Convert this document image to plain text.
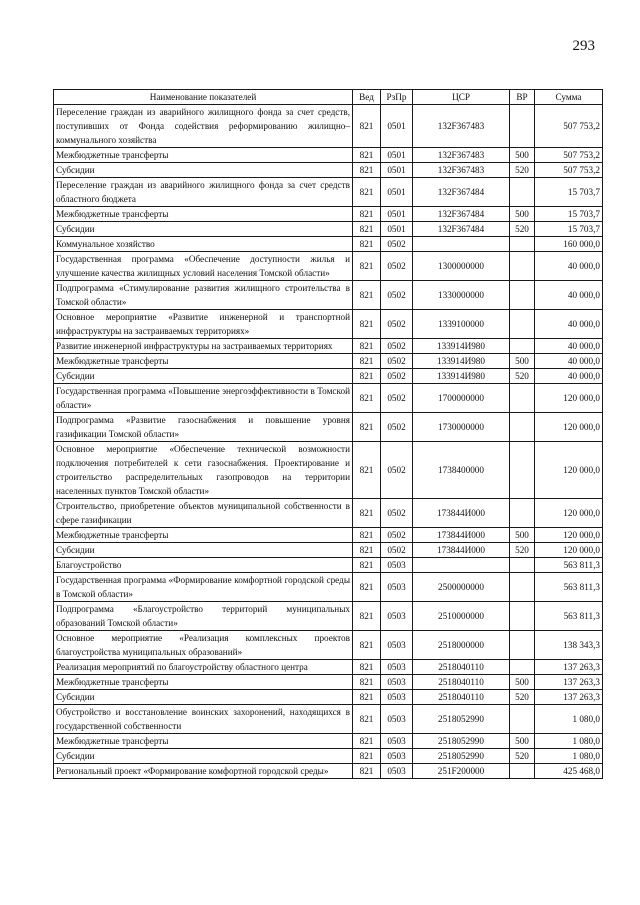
293
Наименование показателей	Вед	РзПр	ЦСР	ВР	Сумма
Переселение граждан из аварийного жилищного фонда за счет средств, поступивших от Фонда содействия реформированию жилищно–коммунального хозяйства	821	0501	132F367483		507 753,2
Межбюджетные трансферты	821	0501	132F367483	500	507 753,2
Субсидии	821	0501	132F367483	520	507 753,2
Переселение граждан из аварийного жилищного фонда за счет средств областного бюджета	821	0501	132F367484		15 703,7
Межбюджетные трансферты	821	0501	132F367484	500	15 703,7
Субсидии	821	0501	132F367484	520	15 703,7
Коммунальное хозяйство	821	0502			160 000,0
Государственная программа «Обеспечение доступности жилья и улучшение качества жилищных условий населения Томской области»	821	0502	1300000000		40 000,0
Подпрограмма «Стимулирование развития жилищного строительства в Томской области»	821	0502	1330000000		40 000,0
Основное мероприятие «Развитие инженерной и транспортной инфраструктуры на застраиваемых территориях»	821	0502	1339100000		40 000,0
Развитие инженерной инфраструктуры на застраиваемых территориях	821	0502	133914И980		40 000,0
Межбюджетные трансферты	821	0502	133914И980	500	40 000,0
Субсидии	821	0502	133914И980	520	40 000,0
Государственная программа «Повышение энергоэффективности в Томской области»	821	0502	1700000000		120 000,0
Подпрограмма «Развитие газоснабжения и повышение уровня газификации Томской области»	821	0502	1730000000		120 000,0
Основное мероприятие «Обеспечение технической возможности подключения потребителей к сети газоснабжения. Проектирование и строительство распределительных газопроводов на территории населенных пунктов Томской области»	821	0502	1738400000		120 000,0
Строительство, приобретение объектов муниципальной собственности в сфере газификации	821	0502	173844И000		120 000,0
Межбюджетные трансферты	821	0502	173844И000	500	120 000,0
Субсидии	821	0502	173844И000	520	120 000,0
Благоустройство	821	0503			563 811,3
Государственная программа «Формирование комфортной городской среды в Томской области»	821	0503	2500000000		563 811,3
Подпрограмма «Благоустройство территорий муниципальных образований Томской области»	821	0503	2510000000		563 811,3
Основное мероприятие «Реализация комплексных проектов благоустройства муниципальных образований»	821	0503	2518000000		138 343,3
Реализация мероприятий по благоустройству областного центра	821	0503	2518040110		137 263,3
Межбюджетные трансферты	821	0503	2518040110	500	137 263,3
Субсидии	821	0503	2518040110	520	137 263,3
Обустройство и восстановление воинских захоронений, находящихся в государственной собственности	821	0503	2518052990		1 080,0
Межбюджетные трансферты	821	0503	2518052990	500	1 080,0
Субсидии	821	0503	2518052990	520	1 080,0
Региональный проект «Формирование комфортной городской среды»	821	0503	251F200000		425 468,0
